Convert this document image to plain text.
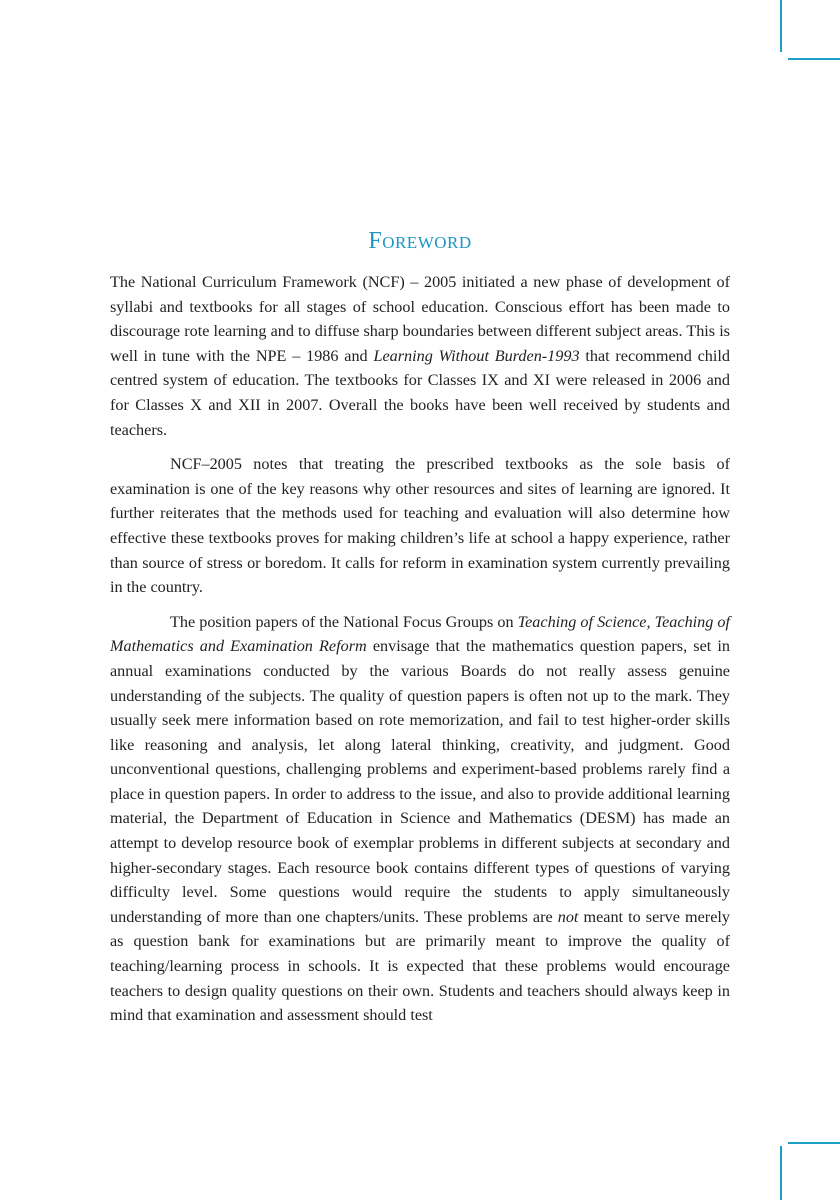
Foreword

The National Curriculum Framework (NCF) – 2005 initiated a new phase of development of syllabi and textbooks for all stages of school education. Conscious effort has been made to discourage rote learning and to diffuse sharp boundaries between different subject areas. This is well in tune with the NPE – 1986 and Learning Without Burden-1993 that recommend child centred system of education. The textbooks for Classes IX and XI were released in 2006 and for Classes X and XII in 2007. Overall the books have been well received by students and teachers.

NCF–2005 notes that treating the prescribed textbooks as the sole basis of examination is one of the key reasons why other resources and sites of learning are ignored. It further reiterates that the methods used for teaching and evaluation will also determine how effective these textbooks proves for making children’s life at school a happy experience, rather than source of stress or boredom. It calls for reform in examination system currently prevailing in the country.

The position papers of the National Focus Groups on Teaching of Science, Teaching of Mathematics and Examination Reform envisage that the mathematics question papers, set in annual examinations conducted by the various Boards do not really assess genuine understanding of the subjects. The quality of question papers is often not up to the mark. They usually seek mere information based on rote memorization, and fail to test higher-order skills like reasoning and analysis, let along lateral thinking, creativity, and judgment. Good unconventional questions, challenging problems and experiment-based problems rarely find a place in question papers. In order to address to the issue, and also to provide additional learning material, the Department of Education in Science and Mathematics (DESM) has made an attempt to develop resource book of exemplar problems in different subjects at secondary and higher-secondary stages. Each resource book contains different types of questions of varying difficulty level. Some questions would require the students to apply simultaneously understanding of more than one chapters/units. These problems are not meant to serve merely as question bank for examinations but are primarily meant to improve the quality of teaching/learning process in schools. It is expected that these problems would encourage teachers to design quality questions on their own. Students and teachers should always keep in mind that examination and assessment should test
